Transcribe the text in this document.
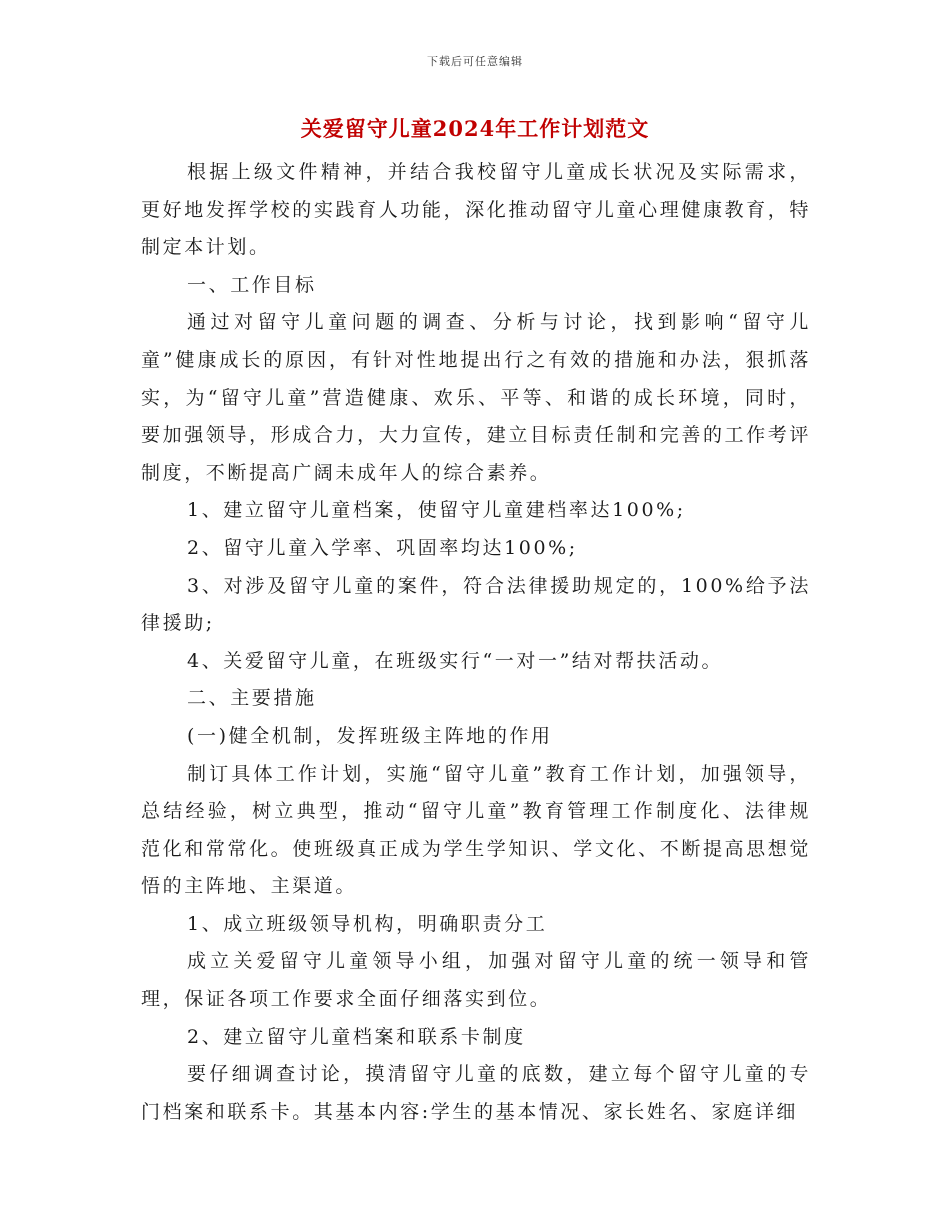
下载后可任意编辑
关爱留守儿童2024年工作计划范文

根据上级文件精神，并结合我校留守儿童成长状况及实际需求，更好地发挥学校的实践育人功能，深化推动留守儿童心理健康教育，特制定本计划。

一、工作目标

通过对留守儿童问题的调查、分析与讨论，找到影响“留守儿童”健康成长的原因，有针对性地提出行之有效的措施和办法，狠抓落实，为“留守儿童”营造健康、欢乐、平等、和谐的成长环境，同时，要加强领导，形成合力，大力宣传，建立目标责任制和完善的工作考评制度，不断提高广阔未成年人的综合素养。

1、建立留守儿童档案，使留守儿童建档率达100%;

2、留守儿童入学率、巩固率均达100%;

3、对涉及留守儿童的案件，符合法律援助规定的，100%给予法律援助;

4、关爱留守儿童，在班级实行“一对一”结对帮扶活动。

二、主要措施

(一)健全机制，发挥班级主阵地的作用

制订具体工作计划，实施“留守儿童”教育工作计划，加强领导，总结经验，树立典型，推动“留守儿童”教育管理工作制度化、法律规范化和常常化。使班级真正成为学生学知识、学文化、不断提高思想觉悟的主阵地、主渠道。

1、成立班级领导机构，明确职责分工

成立关爱留守儿童领导小组，加强对留守儿童的统一领导和管理，保证各项工作要求全面仔细落实到位。

2、建立留守儿童档案和联系卡制度

要仔细调查讨论，摸清留守儿童的底数，建立每个留守儿童的专门档案和联系卡。其基本内容:学生的基本情况、家长姓名、家庭详细
